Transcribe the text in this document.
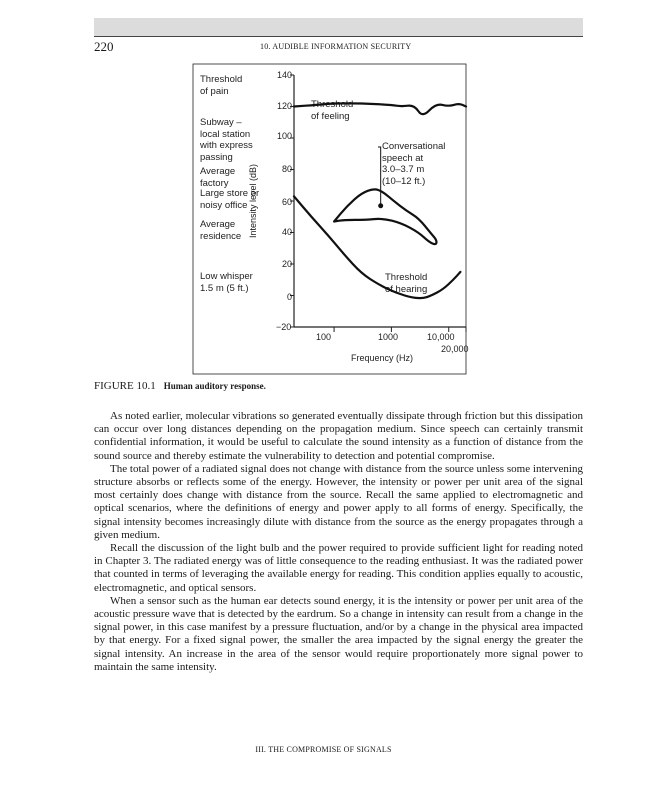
220	10. AUDIBLE INFORMATION SECURITY
Threshold
of pain
Subway –
local station
with express
passing
Average
factory
Large store or
noisy office
Average
residence
Low whisper
1.5 m (5 ft.)
140
120
100
80
60
40
20
0
−20
Intensity level (dB)
100	1000	10,000
20,000
Frequency (Hz)
Threshold
of feeling
Conversational
speech at
3.0–3.7 m
(10–12 ft.)
Threshold
of hearing
FIGURE 10.1 Human auditory response.

As noted earlier, molecular vibrations so generated eventually dissipate through friction but this dissipation can occur over long distances depending on the propagation medium. Since speech can certainly transmit confidential information, it would be useful to calculate the sound intensity as a function of distance from the sound source and thereby estimate the vulnerability to detection and potential compromise.

The total power of a radiated signal does not change with distance from the source unless some intervening structure absorbs or reflects some of the energy. However, the intensity or power per unit area of the signal most certainly does change with distance from the source. Recall the same applied to electromagnetic and optical scenarios, where the definitions of energy and power apply to all forms of energy. Specifically, the signal intensity becomes increasingly dilute with distance from the source as the energy propagates through a given medium.

Recall the discussion of the light bulb and the power required to provide sufficient light for reading noted in Chapter 3. The radiated energy was of little consequence to the reading enthusiast. It was the radiated power that counted in terms of leveraging the available energy for reading. This condition applies equally to acoustic, electromagnetic, and optical sensors.

When a sensor such as the human ear detects sound energy, it is the intensity or power per unit area of the acoustic pressure wave that is detected by the eardrum. So a change in intensity can result from a change in the signal power, in this case manifest by a pressure fluctuation, and/or by a change in the physical area impacted by that energy. For a fixed signal power, the smaller the area impacted by the signal energy the greater the signal intensity. An increase in the area of the sensor would require proportionately more signal power to maintain the same intensity.

III. THE COMPROMISE OF SIGNALS
